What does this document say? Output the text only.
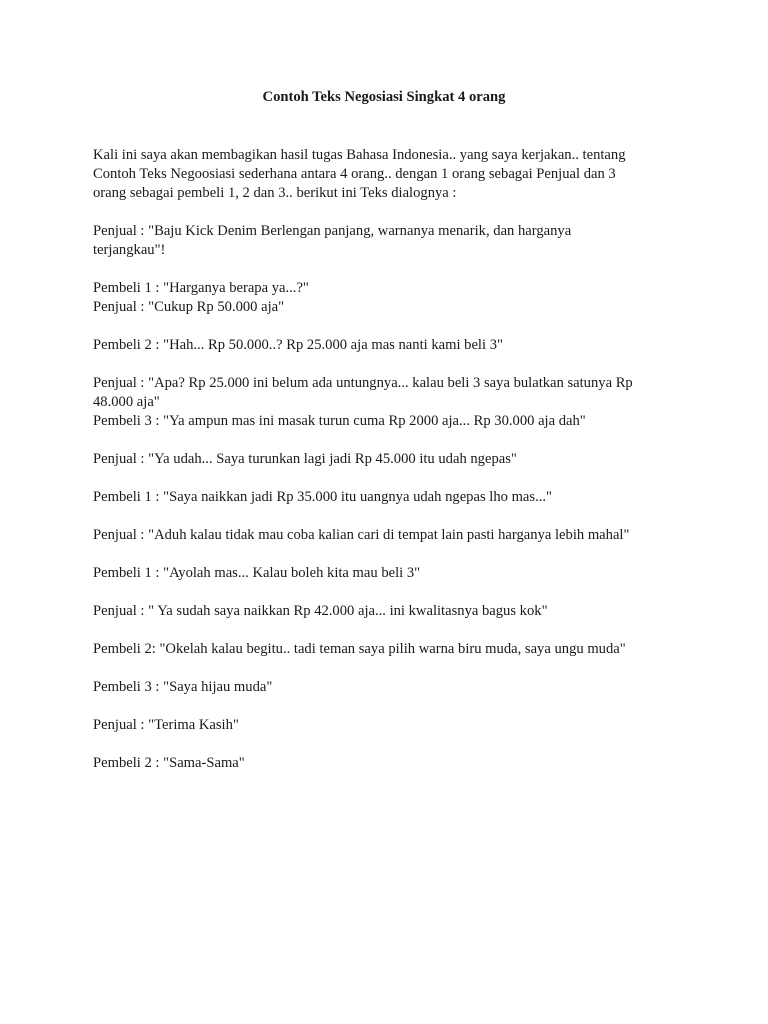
Contoh Teks Negosiasi Singkat 4 orang

Kali ini saya akan membagikan hasil tugas Bahasa Indonesia.. yang saya kerjakan.. tentang
Contoh Teks Negoosiasi sederhana antara 4 orang.. dengan 1 orang sebagai Penjual dan 3
orang sebagai pembeli 1, 2 dan 3.. berikut ini Teks dialognya :

Penjual : "Baju Kick Denim Berlengan panjang, warnanya menarik, dan harganya
terjangkau"!

Pembeli 1 : "Harganya berapa ya...?"
Penjual : "Cukup Rp 50.000 aja"

Pembeli 2 : "Hah... Rp 50.000..? Rp 25.000 aja mas nanti kami beli 3"

Penjual : "Apa? Rp 25.000 ini belum ada untungnya... kalau beli 3 saya bulatkan satunya Rp
48.000 aja"
Pembeli 3 : "Ya ampun mas ini masak turun cuma Rp 2000 aja... Rp 30.000 aja dah"

Penjual : "Ya udah... Saya turunkan lagi jadi Rp 45.000 itu udah ngepas"

Pembeli 1 : "Saya naikkan jadi Rp 35.000 itu uangnya udah ngepas lho mas..."

Penjual : "Aduh kalau tidak mau coba kalian cari di tempat lain pasti harganya lebih mahal"

Pembeli 1 : "Ayolah mas... Kalau boleh kita mau beli 3"

Penjual : " Ya sudah saya naikkan Rp 42.000 aja... ini kwalitasnya bagus kok"

Pembeli 2: "Okelah kalau begitu.. tadi teman saya pilih warna biru muda, saya ungu muda"

Pembeli 3 : "Saya hijau muda"

Penjual : "Terima Kasih"

Pembeli 2 : "Sama-Sama"
